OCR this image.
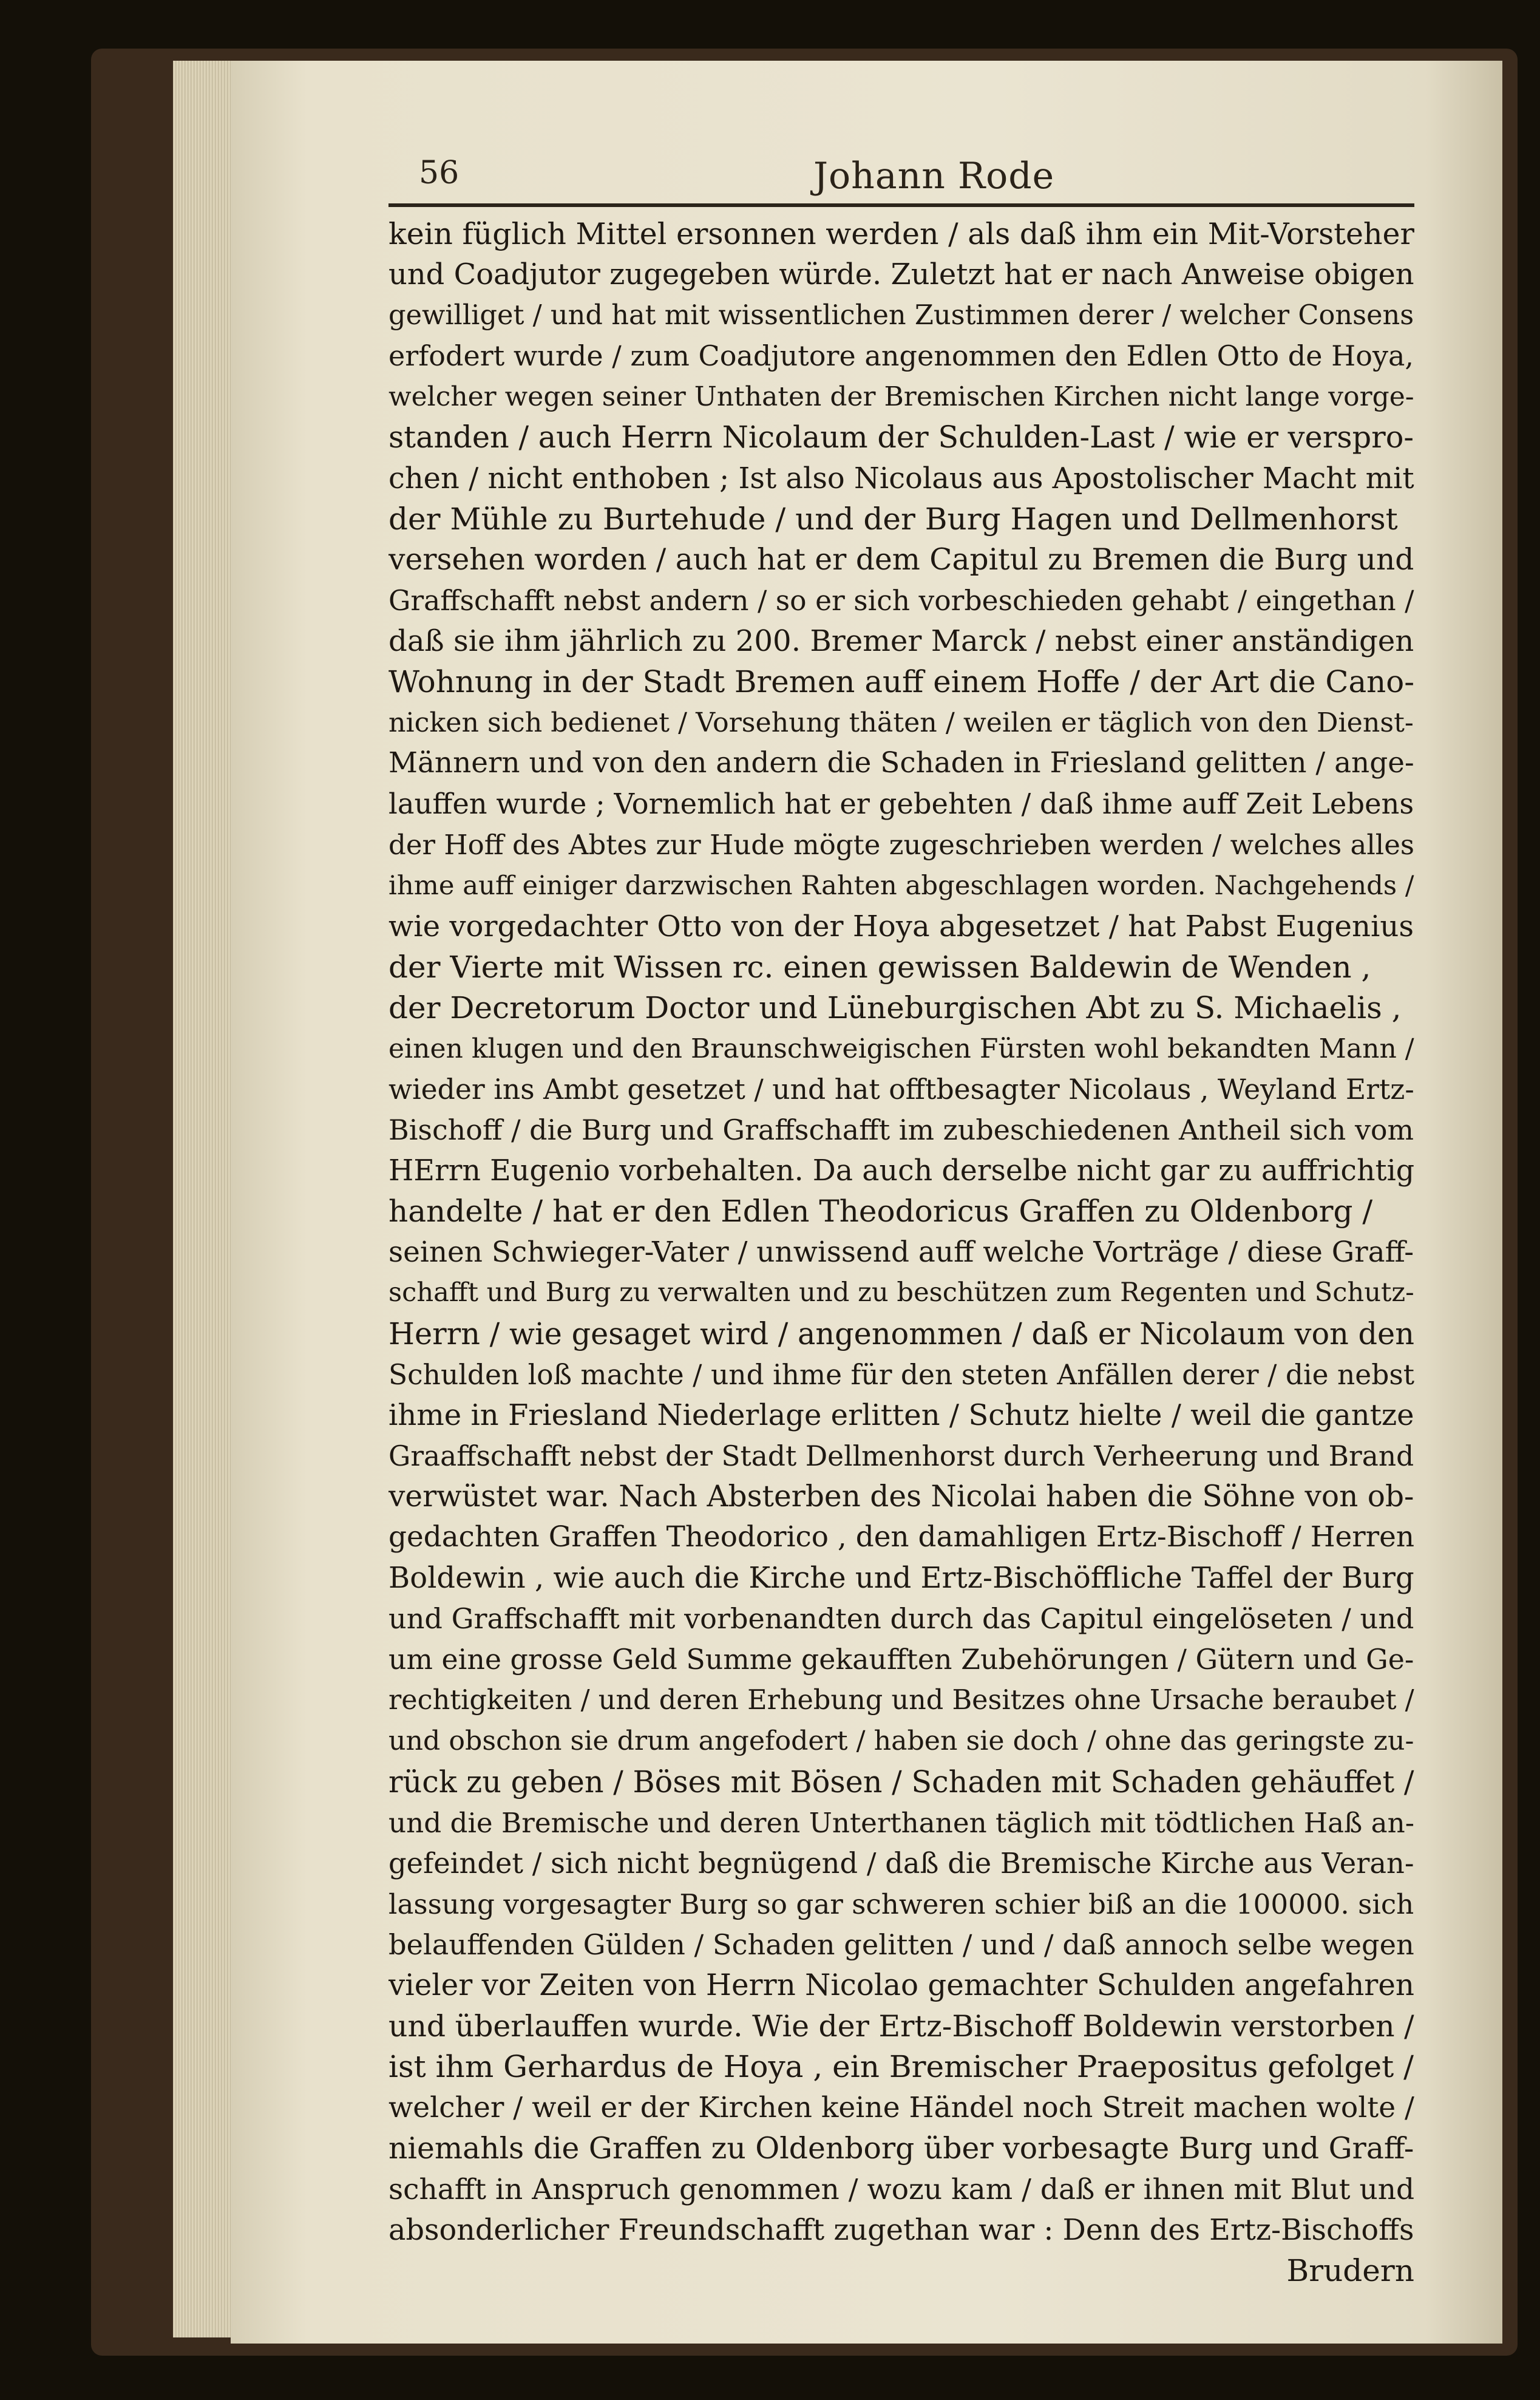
56	Johann Rode
kein füglich Mittel ersonnen werden / als daß ihm ein Mit-Vorsteher
und Coadjutor zugegeben würde. Zuletzt hat er nach Anweise obigen
gewilliget / und hat mit wissentlichen Zustimmen derer / welcher Consens
erfodert wurde / zum Coadjutore angenommen den Edlen Otto de Hoya,
welcher wegen seiner Unthaten der Bremischen Kirchen nicht lange vorge-
standen / auch Herrn Nicolaum der Schulden-Last / wie er verspro-
chen / nicht enthoben ; Ist also Nicolaus aus Apostolischer Macht mit
der Mühle zu Burtehude / und der Burg Hagen und Dellmenhorst
versehen worden / auch hat er dem Capitul zu Bremen die Burg und
Graffschafft nebst andern / so er sich vorbeschieden gehabt / eingethan /
daß sie ihm jährlich zu 200. Bremer Marck / nebst einer anständigen
Wohnung in der Stadt Bremen auff einem Hoffe / der Art die Cano-
nicken sich bedienet / Vorsehung thäten / weilen er täglich von den Dienst-
Männern und von den andern die Schaden in Friesland gelitten / ange-
lauffen wurde ; Vornemlich hat er gebehten / daß ihme auff Zeit Lebens
der Hoff des Abtes zur Hude mögte zugeschrieben werden / welches alles
ihme auff einiger darzwischen Rahten abgeschlagen worden. Nachgehends /
wie vorgedachter Otto von der Hoya abgesetzet / hat Pabst Eugenius
der Vierte mit Wissen rc. einen gewissen Baldewin de Wenden ,
der Decretorum Doctor und Lüneburgischen Abt zu S. Michaelis ,
einen klugen und den Braunschweigischen Fürsten wohl bekandten Mann /
wieder ins Ambt gesetzet / und hat offtbesagter Nicolaus , Weyland Ertz-
Bischoff / die Burg und Graffschafft im zubeschiedenen Antheil sich vom
HErrn Eugenio vorbehalten. Da auch derselbe nicht gar zu auffrichtig
handelte / hat er den Edlen Theodoricus Graffen zu Oldenborg /
seinen Schwieger-Vater / unwissend auff welche Vorträge / diese Graff-
schafft und Burg zu verwalten und zu beschützen zum Regenten und Schutz-
Herrn / wie gesaget wird / angenommen / daß er Nicolaum von den
Schulden loß machte / und ihme für den steten Anfällen derer / die nebst
ihme in Friesland Niederlage erlitten / Schutz hielte / weil die gantze
Graaffschafft nebst der Stadt Dellmenhorst durch Verheerung und Brand
verwüstet war. Nach Absterben des Nicolai haben die Söhne von ob-
gedachten Graffen Theodorico , den damahligen Ertz-Bischoff / Herren
Boldewin , wie auch die Kirche und Ertz-Bischöffliche Taffel der Burg
und Graffschafft mit vorbenandten durch das Capitul eingelöseten / und
um eine grosse Geld Summe gekaufften Zubehörungen / Gütern und Ge-
rechtigkeiten / und deren Erhebung und Besitzes ohne Ursache beraubet /
und obschon sie drum angefodert / haben sie doch / ohne das geringste zu-
rück zu geben / Böses mit Bösen / Schaden mit Schaden gehäuffet /
und die Bremische und deren Unterthanen täglich mit tödtlichen Haß an-
gefeindet / sich nicht begnügend / daß die Bremische Kirche aus Veran-
lassung vorgesagter Burg so gar schweren schier biß an die 100000. sich
belauffenden Gülden / Schaden gelitten / und / daß annoch selbe wegen
vieler vor Zeiten von Herrn Nicolao gemachter Schulden angefahren
und überlauffen wurde. Wie der Ertz-Bischoff Boldewin verstorben /
ist ihm Gerhardus de Hoya , ein Bremischer Praepositus gefolget /
welcher / weil er der Kirchen keine Händel noch Streit machen wolte /
niemahls die Graffen zu Oldenborg über vorbesagte Burg und Graff-
schafft in Anspruch genommen / wozu kam / daß er ihnen mit Blut und
absonderlicher Freundschafft zugethan war : Denn des Ertz-Bischoffs
Brudern
